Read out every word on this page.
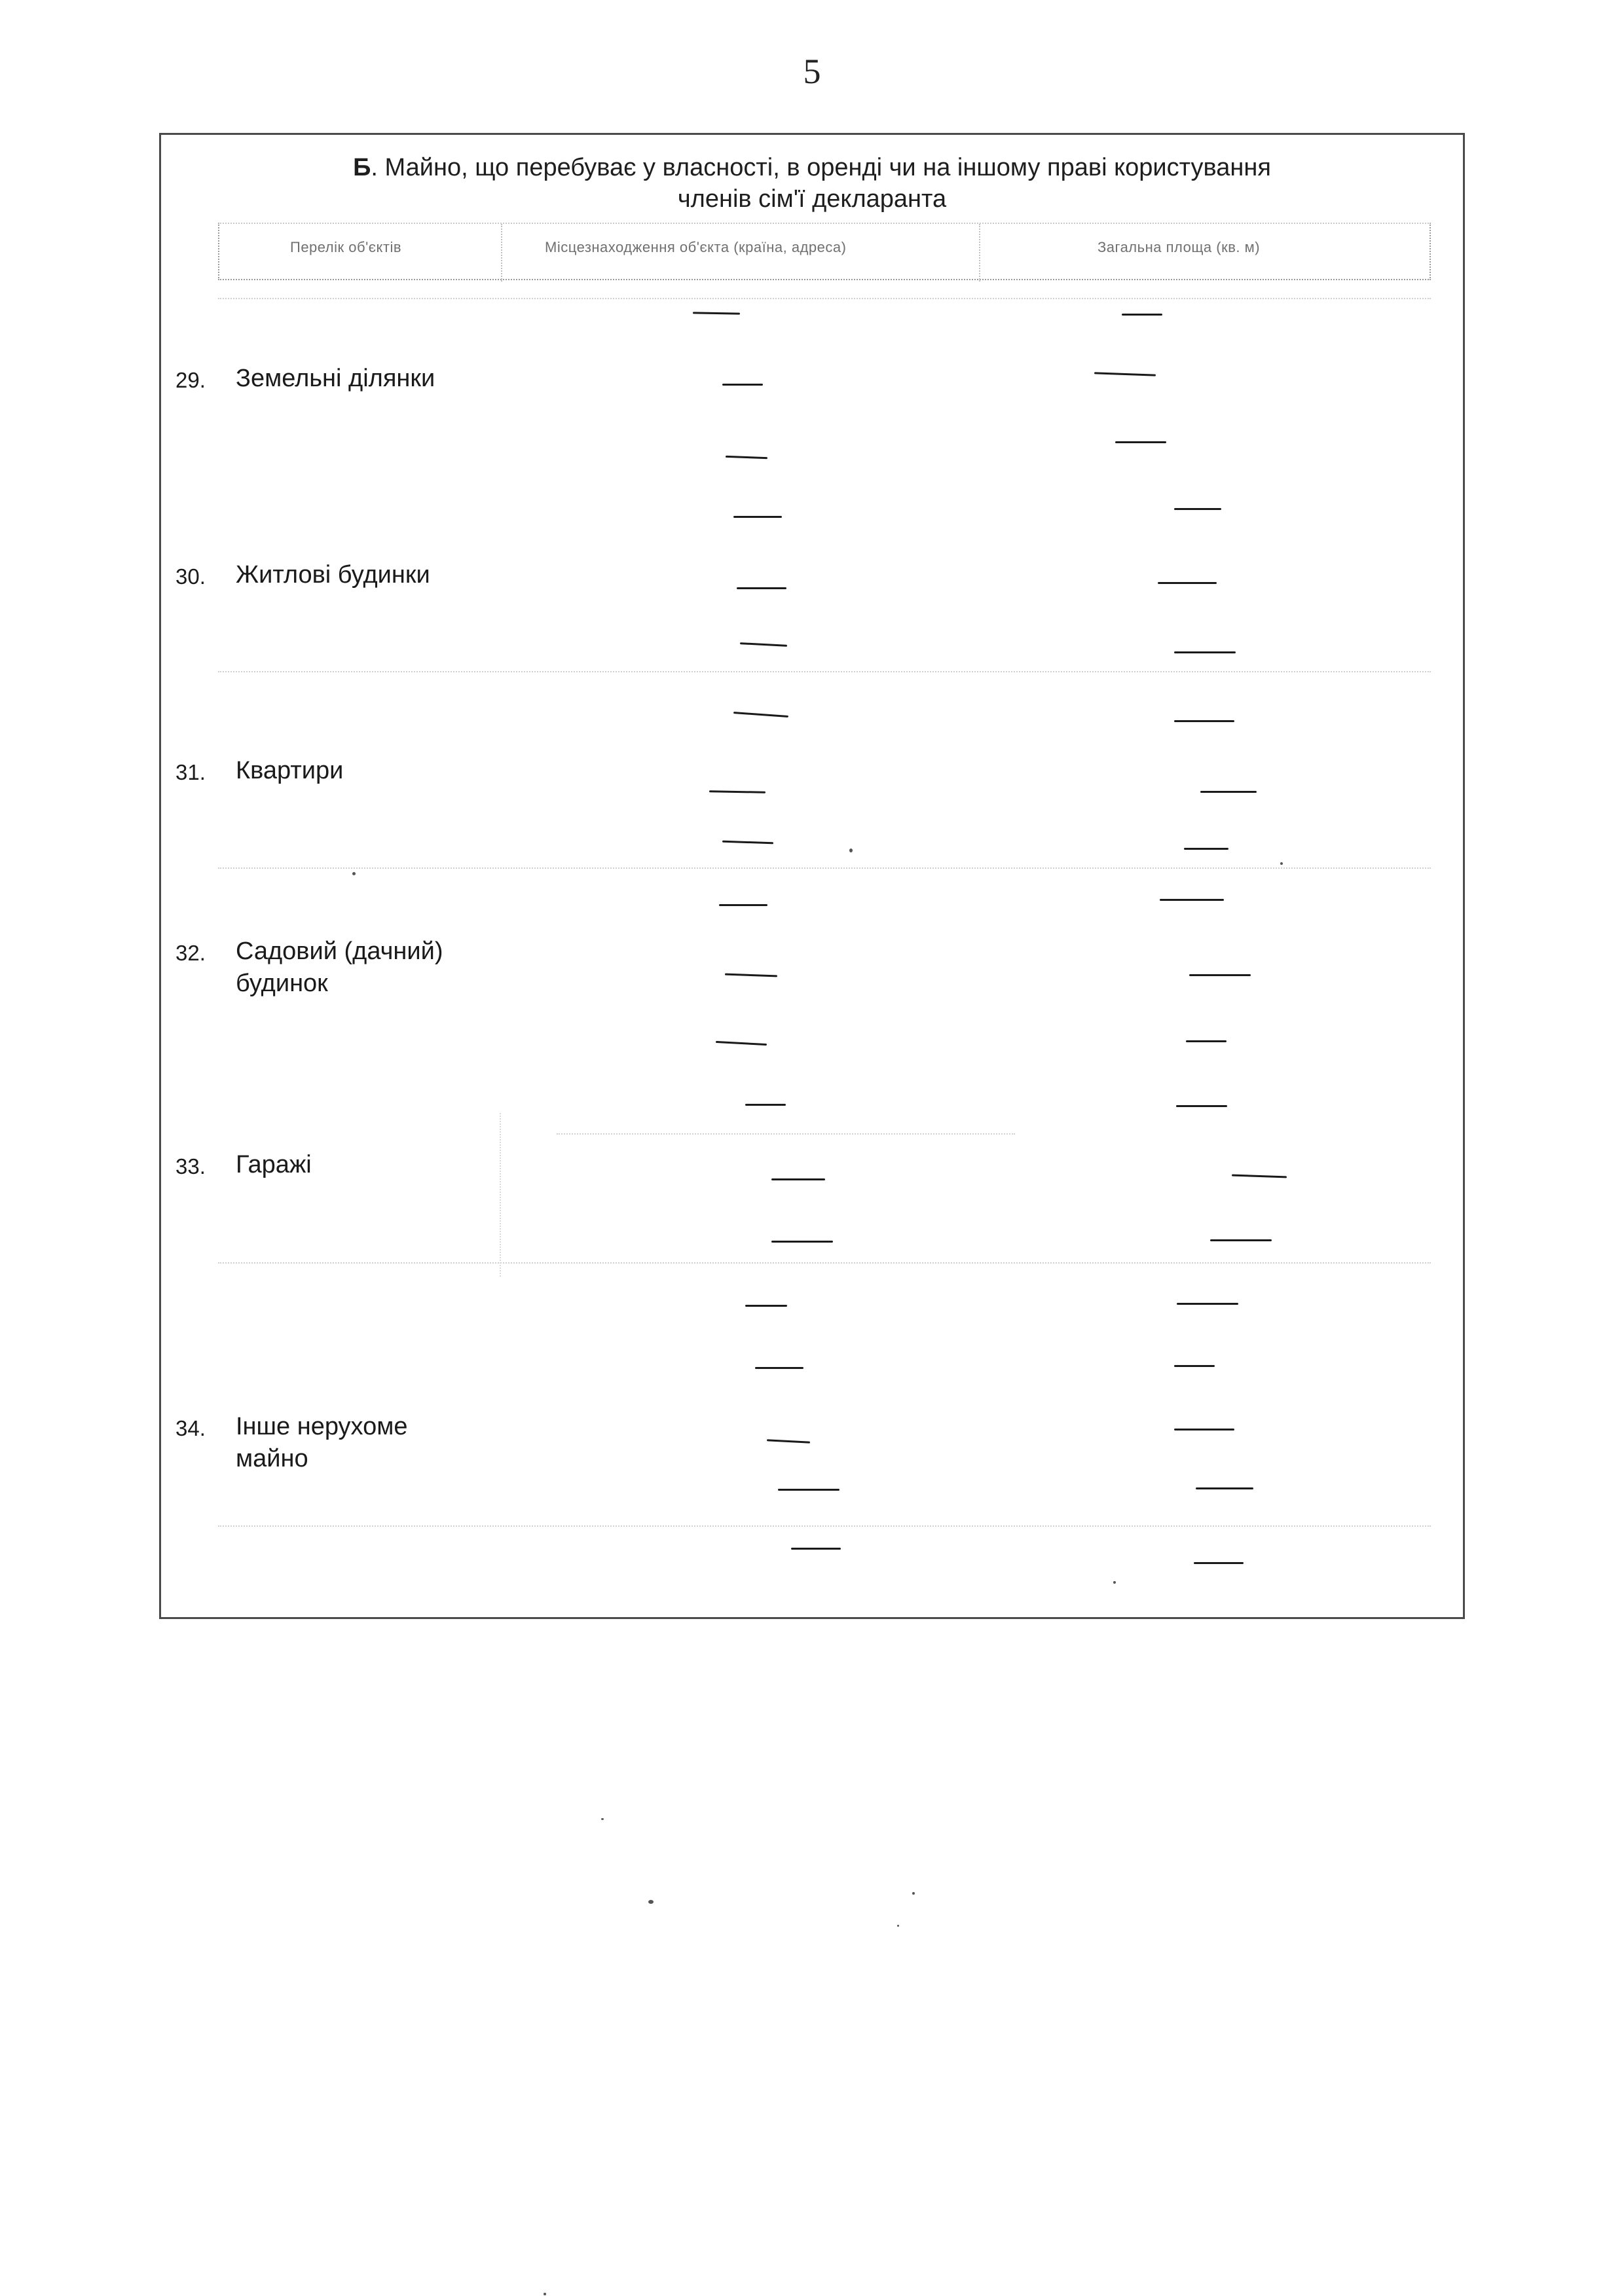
5
Б. Майно, що перебуває у власності, в оренді чи на іншому праві користування
членів сім'ї декларанта
Перелік об'єктів	Місцезнаходження об'єкта (країна, адреса)	Загальна площа (кв. м)
29. Земельні ділянки
30. Житлові будинки
31. Квартири
32. Садовий (дачний)
будинок
33. Гаражі
34. Інше нерухоме
майно
